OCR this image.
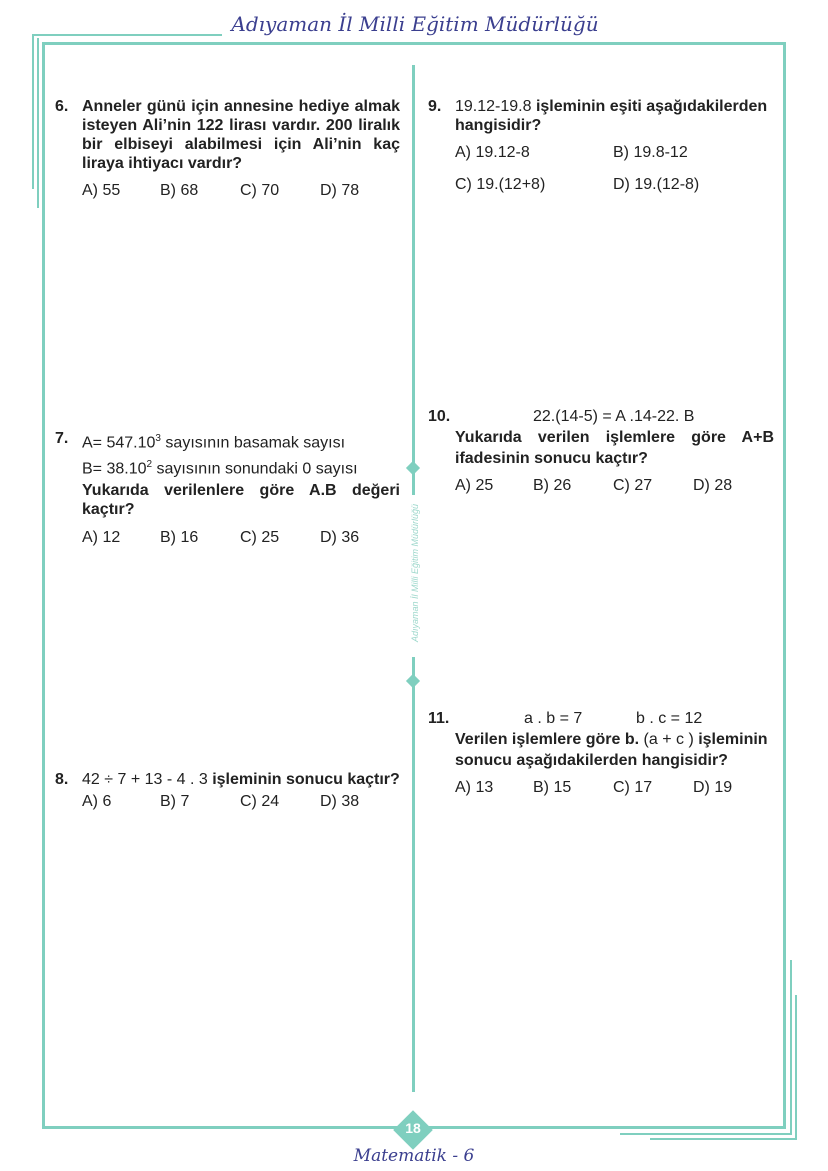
Adıyaman İl Milli Eğitim Müdürlüğü
Adıyaman İl Milli Eğitim Müdürlüğü
6. Anneler günü için annesine hediye almak isteyen Ali’nin 122 lirası vardır. 200 liralık bir elbiseyi alabilmesi için Ali’nin kaç liraya ihtiyacı vardır?
A) 55 B) 68	C) 70	D) 78
7. $A= 547.10^3$ sayısının basamak sayısı
$B= 38.10^2$ sayısının sonundaki 0 sayısı
Yukarıda verilenlere göre A.B değeri kaçtır?
A) 12 B) 16	C) 25	D) 36
8. 42 ÷ 7 + 13 - 4 . 3 işleminin sonucu kaçtır?
A) 6	B) 7	C) 24	D) 38
9. 19.12-19.8 işleminin eşiti aşağıdakilerden hangisidir?
A) 19.12-8	B) 19.8-12
C) 19.(12+8)	D) 19.(12-8)
10.	22.(14-5) = A .14-22. B
Yukarıda verilen işlemlere göre A+B ifadesinin sonucu kaçtır?
A) 25 B) 26	C) 27	D) 28
11.	a . b = 7	b . c = 12
Verilen işlemlere göre b. (a + c ) işleminin sonucu aşağıdakilerden hangisidir?
A) 13 B) 15	C) 17	D) 19
18
Matematik - 6
